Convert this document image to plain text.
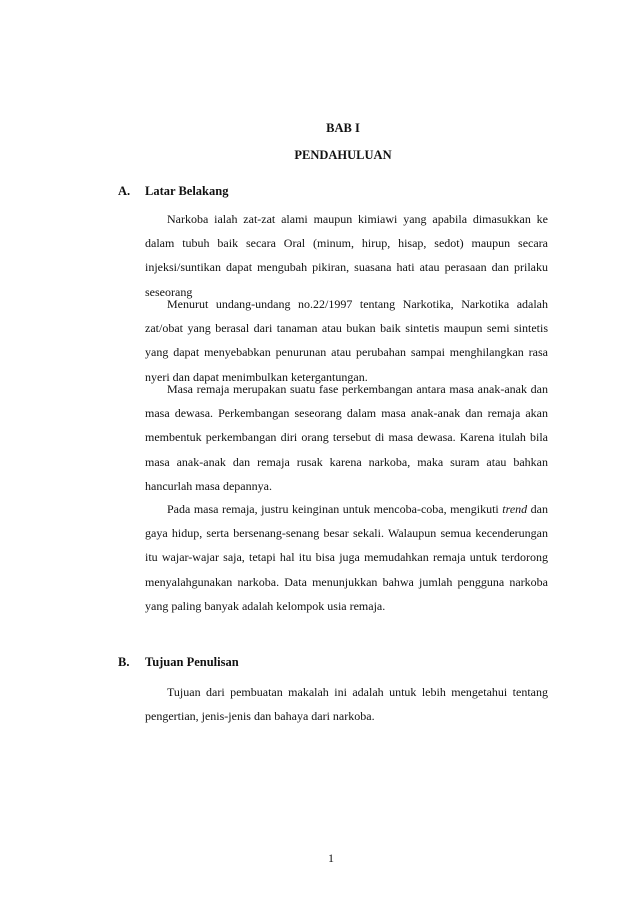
BAB I
PENDAHULUAN
A. Latar Belakang
Narkoba ialah zat-zat alami maupun kimiawi yang apabila dimasukkan ke dalam tubuh baik secara Oral (minum, hirup, hisap, sedot) maupun secara injeksi/suntikan dapat mengubah pikiran, suasana hati atau perasaan dan prilaku seseorang
Menurut undang-undang no.22/1997 tentang Narkotika, Narkotika adalah zat/obat yang berasal dari tanaman atau bukan baik sintetis maupun semi sintetis yang dapat menyebabkan penurunan atau perubahan sampai menghilangkan rasa nyeri dan dapat menimbulkan ketergantungan.
Masa remaja merupakan suatu fase perkembangan antara masa anak-anak dan masa dewasa. Perkembangan seseorang dalam masa anak-anak dan remaja akan membentuk perkembangan diri orang tersebut di masa dewasa. Karena itulah bila masa anak-anak dan remaja rusak karena narkoba, maka suram atau bahkan hancurlah masa depannya.
Pada masa remaja, justru keinginan untuk mencoba-coba, mengikuti trend dan gaya hidup, serta bersenang-senang besar sekali. Walaupun semua kecenderungan itu wajar-wajar saja, tetapi hal itu bisa juga memudahkan remaja untuk terdorong menyalahgunakan narkoba. Data menunjukkan bahwa jumlah pengguna narkoba yang paling banyak adalah kelompok usia remaja.
B. Tujuan Penulisan
Tujuan dari pembuatan makalah ini adalah untuk lebih mengetahui tentang pengertian, jenis-jenis dan bahaya dari narkoba.
1
